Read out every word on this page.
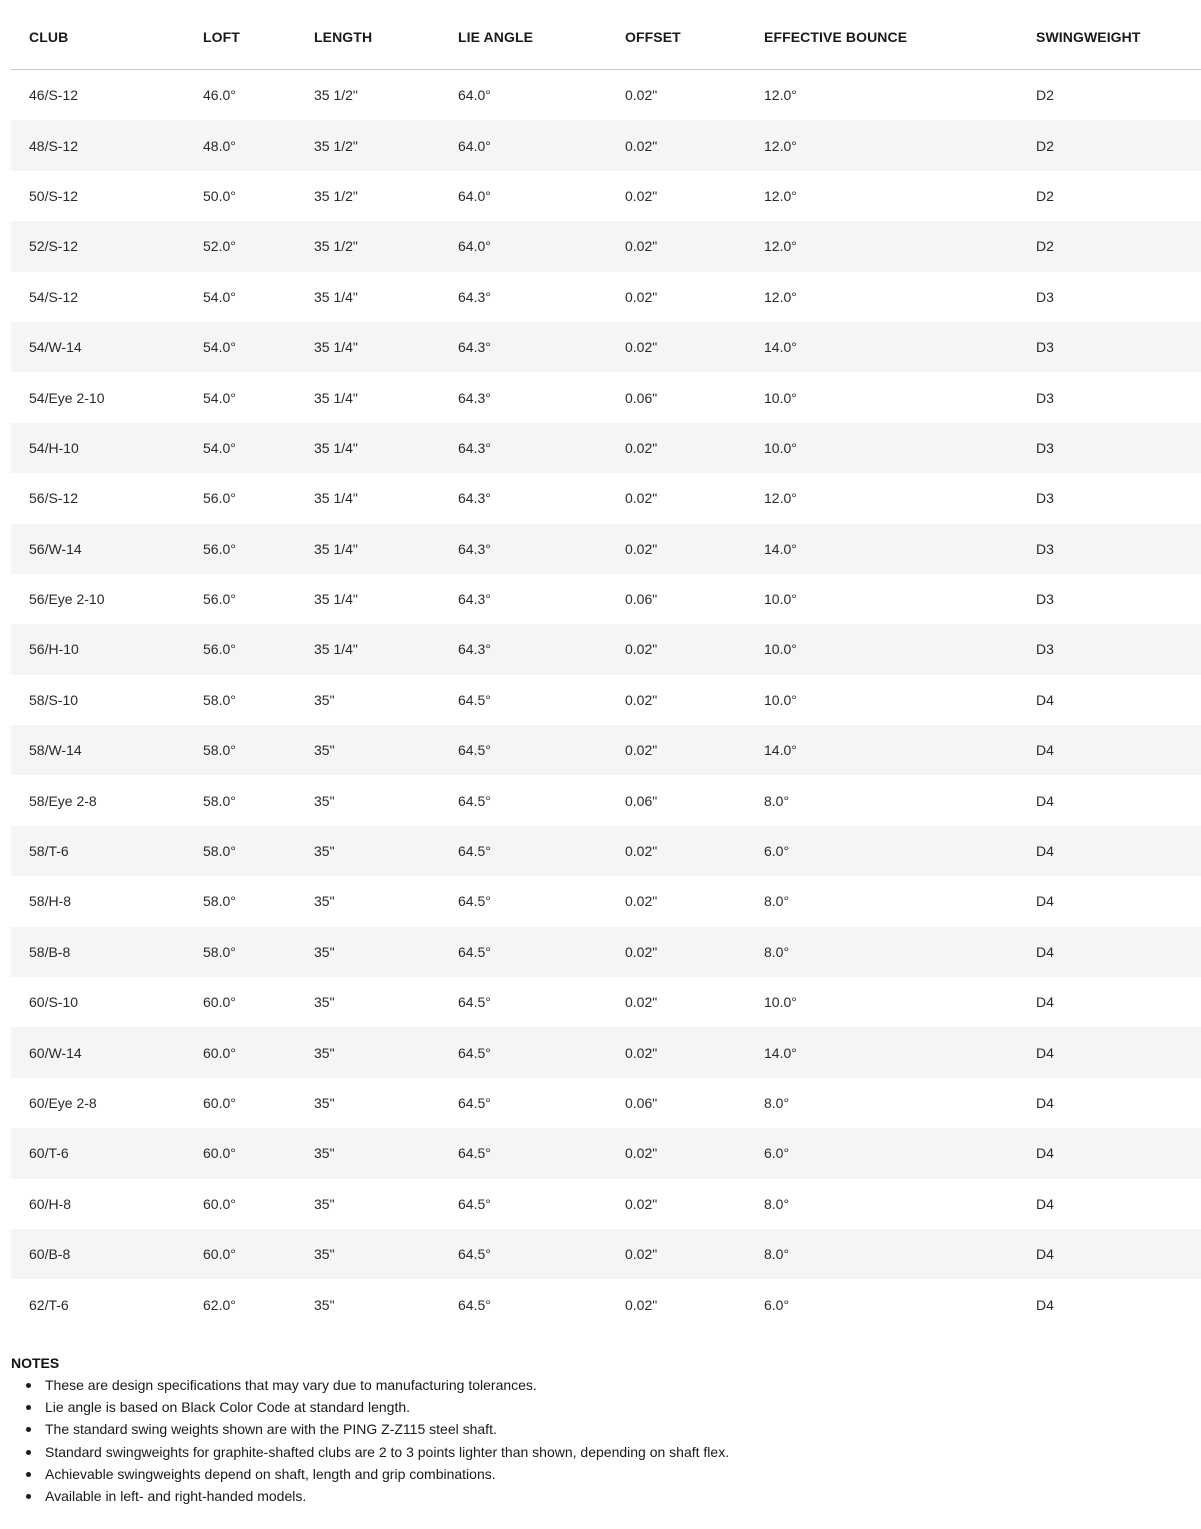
CLUB	LOFT	LENGTH	LIE ANGLE	OFFSET	EFFECTIVE BOUNCE	SWINGWEIGHT
46/S-12	46.0°	35 1/2"	64.0°	0.02"	12.0°	D2
48/S-12	48.0°	35 1/2"	64.0°	0.02"	12.0°	D2
50/S-12	50.0°	35 1/2"	64.0°	0.02"	12.0°	D2
52/S-12	52.0°	35 1/2"	64.0°	0.02"	12.0°	D2
54/S-12	54.0°	35 1/4"	64.3°	0.02"	12.0°	D3
54/W-14	54.0°	35 1/4"	64.3°	0.02"	14.0°	D3
54/Eye 2-10	54.0°	35 1/4"	64.3°	0.06"	10.0°	D3
54/H-10	54.0°	35 1/4"	64.3°	0.02"	10.0°	D3
56/S-12	56.0°	35 1/4"	64.3°	0.02"	12.0°	D3
56/W-14	56.0°	35 1/4"	64.3°	0.02"	14.0°	D3
56/Eye 2-10	56.0°	35 1/4"	64.3°	0.06"	10.0°	D3
56/H-10	56.0°	35 1/4"	64.3°	0.02"	10.0°	D3
58/S-10	58.0°	35"	64.5°	0.02"	10.0°	D4
58/W-14	58.0°	35"	64.5°	0.02"	14.0°	D4
58/Eye 2-8	58.0°	35"	64.5°	0.06"	8.0°	D4
58/T-6	58.0°	35"	64.5°	0.02"	6.0°	D4
58/H-8	58.0°	35"	64.5°	0.02"	8.0°	D4
58/B-8	58.0°	35"	64.5°	0.02"	8.0°	D4
60/S-10	60.0°	35"	64.5°	0.02"	10.0°	D4
60/W-14	60.0°	35"	64.5°	0.02"	14.0°	D4
60/Eye 2-8	60.0°	35"	64.5°	0.06"	8.0°	D4
60/T-6	60.0°	35"	64.5°	0.02"	6.0°	D4
60/H-8	60.0°	35"	64.5°	0.02"	8.0°	D4
60/B-8	60.0°	35"	64.5°	0.02"	8.0°	D4
62/T-6	62.0°	35"	64.5°	0.02"	6.0°	D4
NOTES
These are design specifications that may vary due to manufacturing tolerances.
Lie angle is based on Black Color Code at standard length.
The standard swing weights shown are with the PING Z-Z115 steel shaft.
Standard swingweights for graphite-shafted clubs are 2 to 3 points lighter than shown, depending on shaft flex.
Achievable swingweights depend on shaft, length and grip combinations.
Available in left- and right-handed models.
